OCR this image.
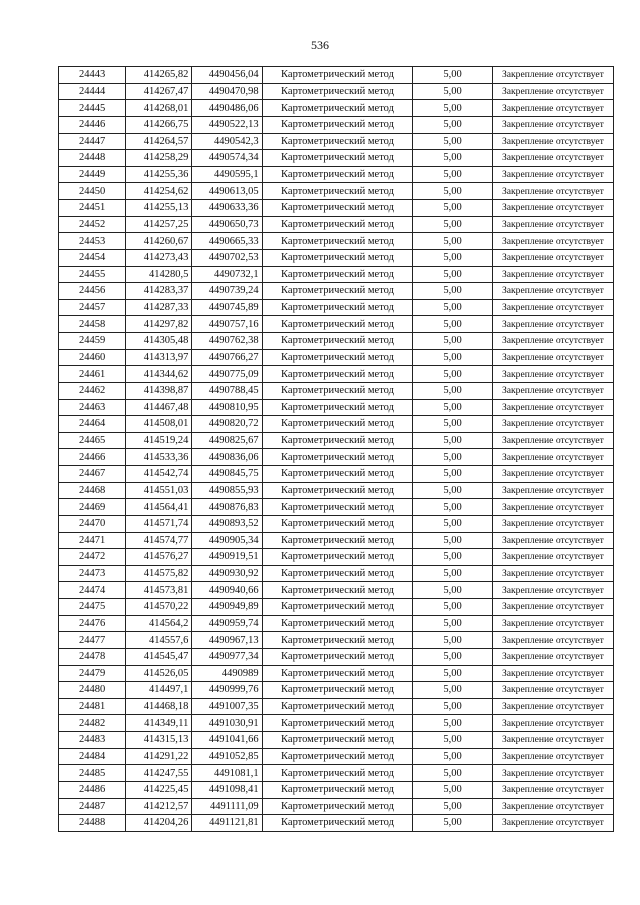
536
24443	414265,82	4490456,04	Картометрический метод	5,00	Закрепление отсутствует
24444	414267,47	4490470,98	Картометрический метод	5,00	Закрепление отсутствует
24445	414268,01	4490486,06	Картометрический метод	5,00	Закрепление отсутствует
24446	414266,75	4490522,13	Картометрический метод	5,00	Закрепление отсутствует
24447	414264,57	4490542,3	Картометрический метод	5,00	Закрепление отсутствует
24448	414258,29	4490574,34	Картометрический метод	5,00	Закрепление отсутствует
24449	414255,36	4490595,1	Картометрический метод	5,00	Закрепление отсутствует
24450	414254,62	4490613,05	Картометрический метод	5,00	Закрепление отсутствует
24451	414255,13	4490633,36	Картометрический метод	5,00	Закрепление отсутствует
24452	414257,25	4490650,73	Картометрический метод	5,00	Закрепление отсутствует
24453	414260,67	4490665,33	Картометрический метод	5,00	Закрепление отсутствует
24454	414273,43	4490702,53	Картометрический метод	5,00	Закрепление отсутствует
24455	414280,5	4490732,1	Картометрический метод	5,00	Закрепление отсутствует
24456	414283,37	4490739,24	Картометрический метод	5,00	Закрепление отсутствует
24457	414287,33	4490745,89	Картометрический метод	5,00	Закрепление отсутствует
24458	414297,82	4490757,16	Картометрический метод	5,00	Закрепление отсутствует
24459	414305,48	4490762,38	Картометрический метод	5,00	Закрепление отсутствует
24460	414313,97	4490766,27	Картометрический метод	5,00	Закрепление отсутствует
24461	414344,62	4490775,09	Картометрический метод	5,00	Закрепление отсутствует
24462	414398,87	4490788,45	Картометрический метод	5,00	Закрепление отсутствует
24463	414467,48	4490810,95	Картометрический метод	5,00	Закрепление отсутствует
24464	414508,01	4490820,72	Картометрический метод	5,00	Закрепление отсутствует
24465	414519,24	4490825,67	Картометрический метод	5,00	Закрепление отсутствует
24466	414533,36	4490836,06	Картометрический метод	5,00	Закрепление отсутствует
24467	414542,74	4490845,75	Картометрический метод	5,00	Закрепление отсутствует
24468	414551,03	4490855,93	Картометрический метод	5,00	Закрепление отсутствует
24469	414564,41	4490876,83	Картометрический метод	5,00	Закрепление отсутствует
24470	414571,74	4490893,52	Картометрический метод	5,00	Закрепление отсутствует
24471	414574,77	4490905,34	Картометрический метод	5,00	Закрепление отсутствует
24472	414576,27	4490919,51	Картометрический метод	5,00	Закрепление отсутствует
24473	414575,82	4490930,92	Картометрический метод	5,00	Закрепление отсутствует
24474	414573,81	4490940,66	Картометрический метод	5,00	Закрепление отсутствует
24475	414570,22	4490949,89	Картометрический метод	5,00	Закрепление отсутствует
24476	414564,2	4490959,74	Картометрический метод	5,00	Закрепление отсутствует
24477	414557,6	4490967,13	Картометрический метод	5,00	Закрепление отсутствует
24478	414545,47	4490977,34	Картометрический метод	5,00	Закрепление отсутствует
24479	414526,05	4490989	Картометрический метод	5,00	Закрепление отсутствует
24480	414497,1	4490999,76	Картометрический метод	5,00	Закрепление отсутствует
24481	414468,18	4491007,35	Картометрический метод	5,00	Закрепление отсутствует
24482	414349,11	4491030,91	Картометрический метод	5,00	Закрепление отсутствует
24483	414315,13	4491041,66	Картометрический метод	5,00	Закрепление отсутствует
24484	414291,22	4491052,85	Картометрический метод	5,00	Закрепление отсутствует
24485	414247,55	4491081,1	Картометрический метод	5,00	Закрепление отсутствует
24486	414225,45	4491098,41	Картометрический метод	5,00	Закрепление отсутствует
24487	414212,57	4491111,09	Картометрический метод	5,00	Закрепление отсутствует
24488	414204,26	4491121,81	Картометрический метод	5,00	Закрепление отсутствует
